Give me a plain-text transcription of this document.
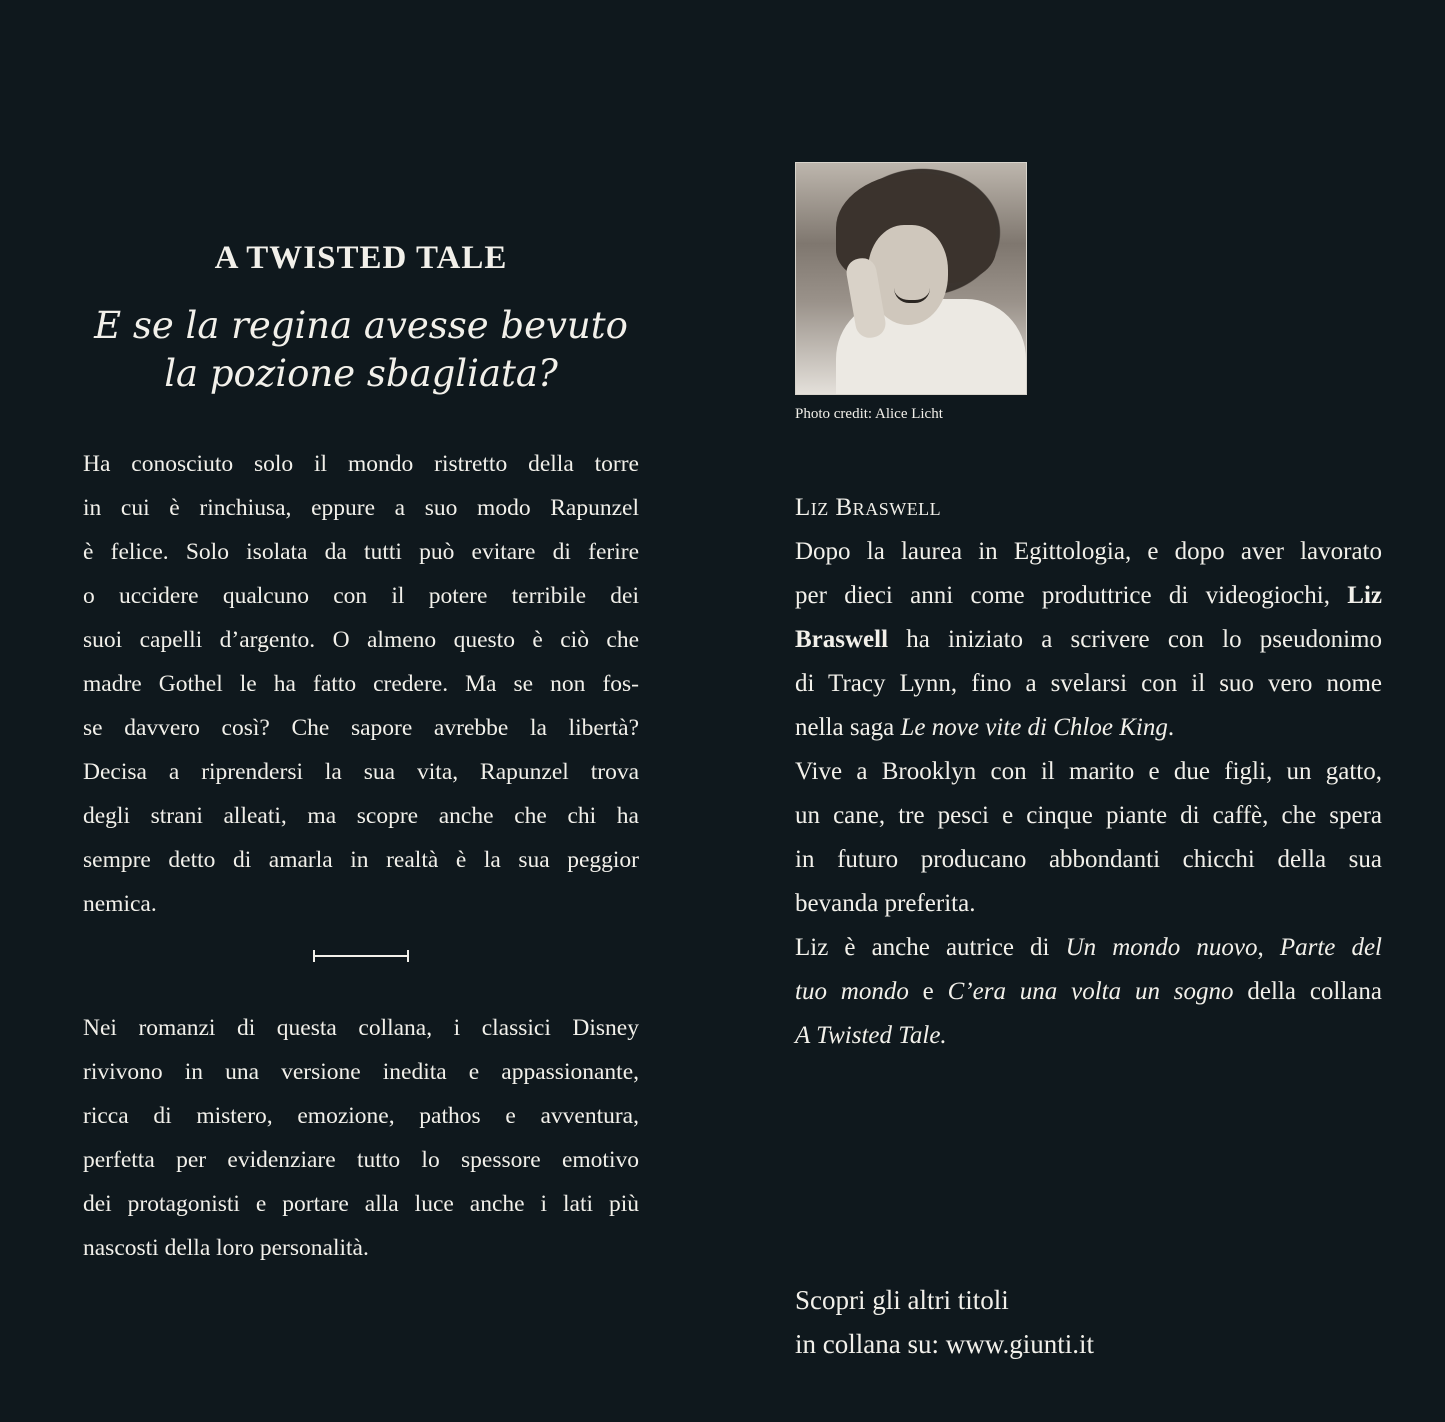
A TWISTED TALE
E se la regina avesse bevuto
la pozione sbagliata?

Ha conosciuto solo il mondo ristretto della torre
in cui è rinchiusa, eppure a suo modo Rapunzel
è felice. Solo isolata da tutti può evitare di ferire
o uccidere qualcuno con il potere terribile dei
suoi capelli d’argento. O almeno questo è ciò che
madre Gothel le ha fatto credere. Ma se non fos-
se davvero così? Che sapore avrebbe la libertà?
Decisa a riprendersi la sua vita, Rapunzel trova
degli strani alleati, ma scopre anche che chi ha
sempre detto di amarla in realtà è la sua peggior
nemica.

Nei romanzi di questa collana, i classici Disney
rivivono in una versione inedita e appassionante,
ricca di mistero, emozione, pathos e avventura,
perfetta per evidenziare tutto lo spessore emotivo
dei protagonisti e portare alla luce anche i lati più
nascosti della loro personalità.

Photo credit: Alice Licht
Liz Braswell

Dopo la laurea in Egittologia, e dopo aver lavorato
per dieci anni come produttrice di videogiochi, Liz
Braswell ha iniziato a scrivere con lo pseudonimo
di Tracy Lynn, fino a svelarsi con il suo vero nome
nella saga Le nove vite di Chloe King.
Vive a Brooklyn con il marito e due figli, un gatto,
un cane, tre pesci e cinque piante di caffè, che spera
in futuro producano abbondanti chicchi della sua
bevanda preferita.
Liz è anche autrice di Un mondo nuovo, Parte del
tuo mondo e C’era una volta un sogno della collana
A Twisted Tale.

Scopri gli altri titoli
in collana su: www.giunti.it
